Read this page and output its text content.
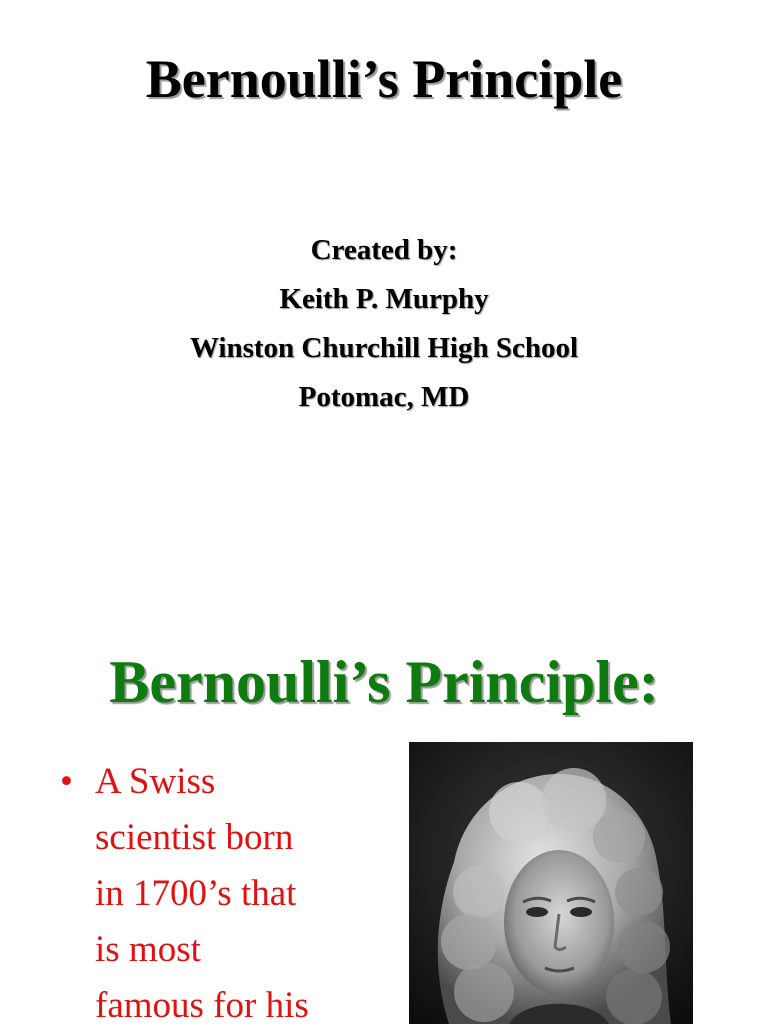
Bernoulli’s Principle
Created by:
Keith P. Murphy
Winston Churchill High School
Potomac, MD
Bernoulli’s Principle:
• A Swiss
scientist born
in 1700’s that
is most
famous for his
